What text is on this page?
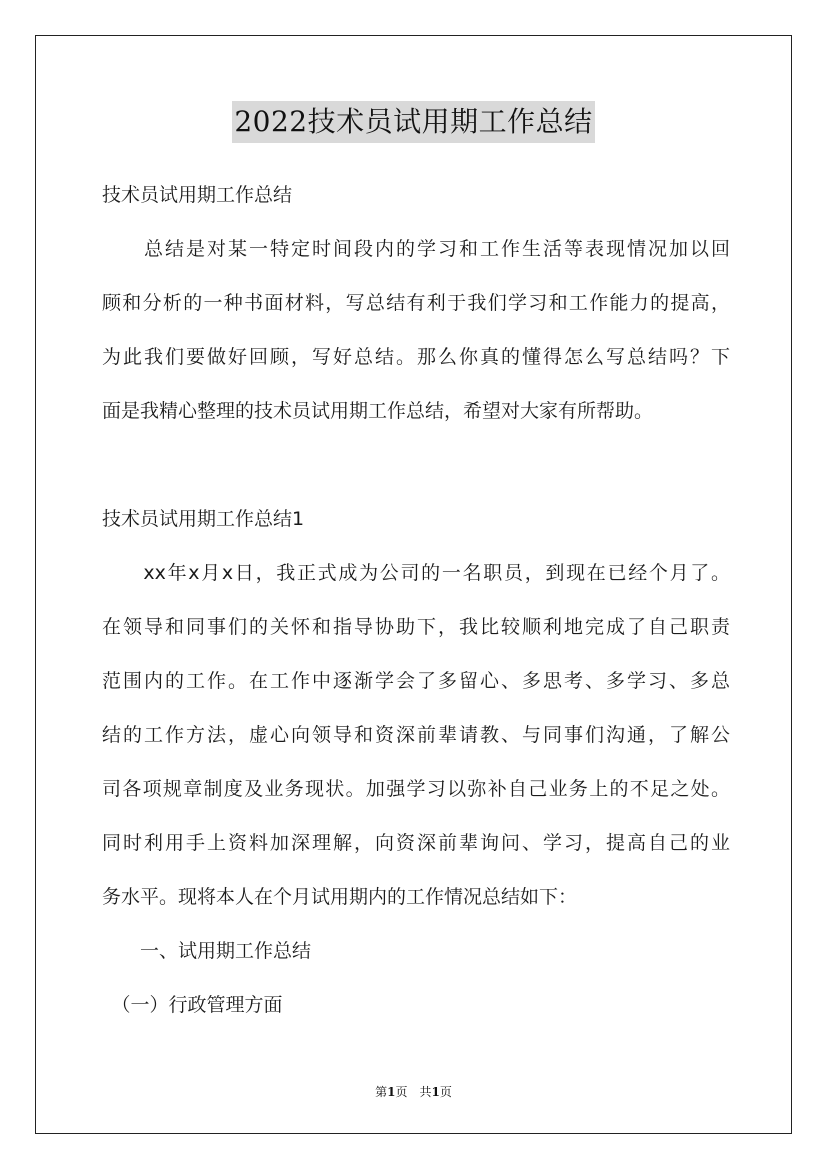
2022技术员试用期工作总结
技术员试用期工作总结
　　总结是对某一特定时间段内的学习和工作生活等表现情况加以回
顾和分析的一种书面材料，写总结有利于我们学习和工作能力的提高，
为此我们要做好回顾，写好总结。那么你真的懂得怎么写总结吗？下
面是我精心整理的技术员试用期工作总结，希望对大家有所帮助。
技术员试用期工作总结1
　　xx年x月x日，我正式成为公司的一名职员，到现在已经个月了。
在领导和同事们的关怀和指导协助下，我比较顺利地完成了自己职责
范围内的工作。在工作中逐渐学会了多留心、多思考、多学习、多总
结的工作方法，虚心向领导和资深前辈请教、与同事们沟通，了解公
司各项规章制度及业务现状。加强学习以弥补自己业务上的不足之处。
同时利用手上资料加深理解，向资深前辈询问、学习，提高自己的业
务水平。现将本人在个月试用期内的工作情况总结如下：
　　一、试用期工作总结
　（一）行政管理方面
第1页　共1页
